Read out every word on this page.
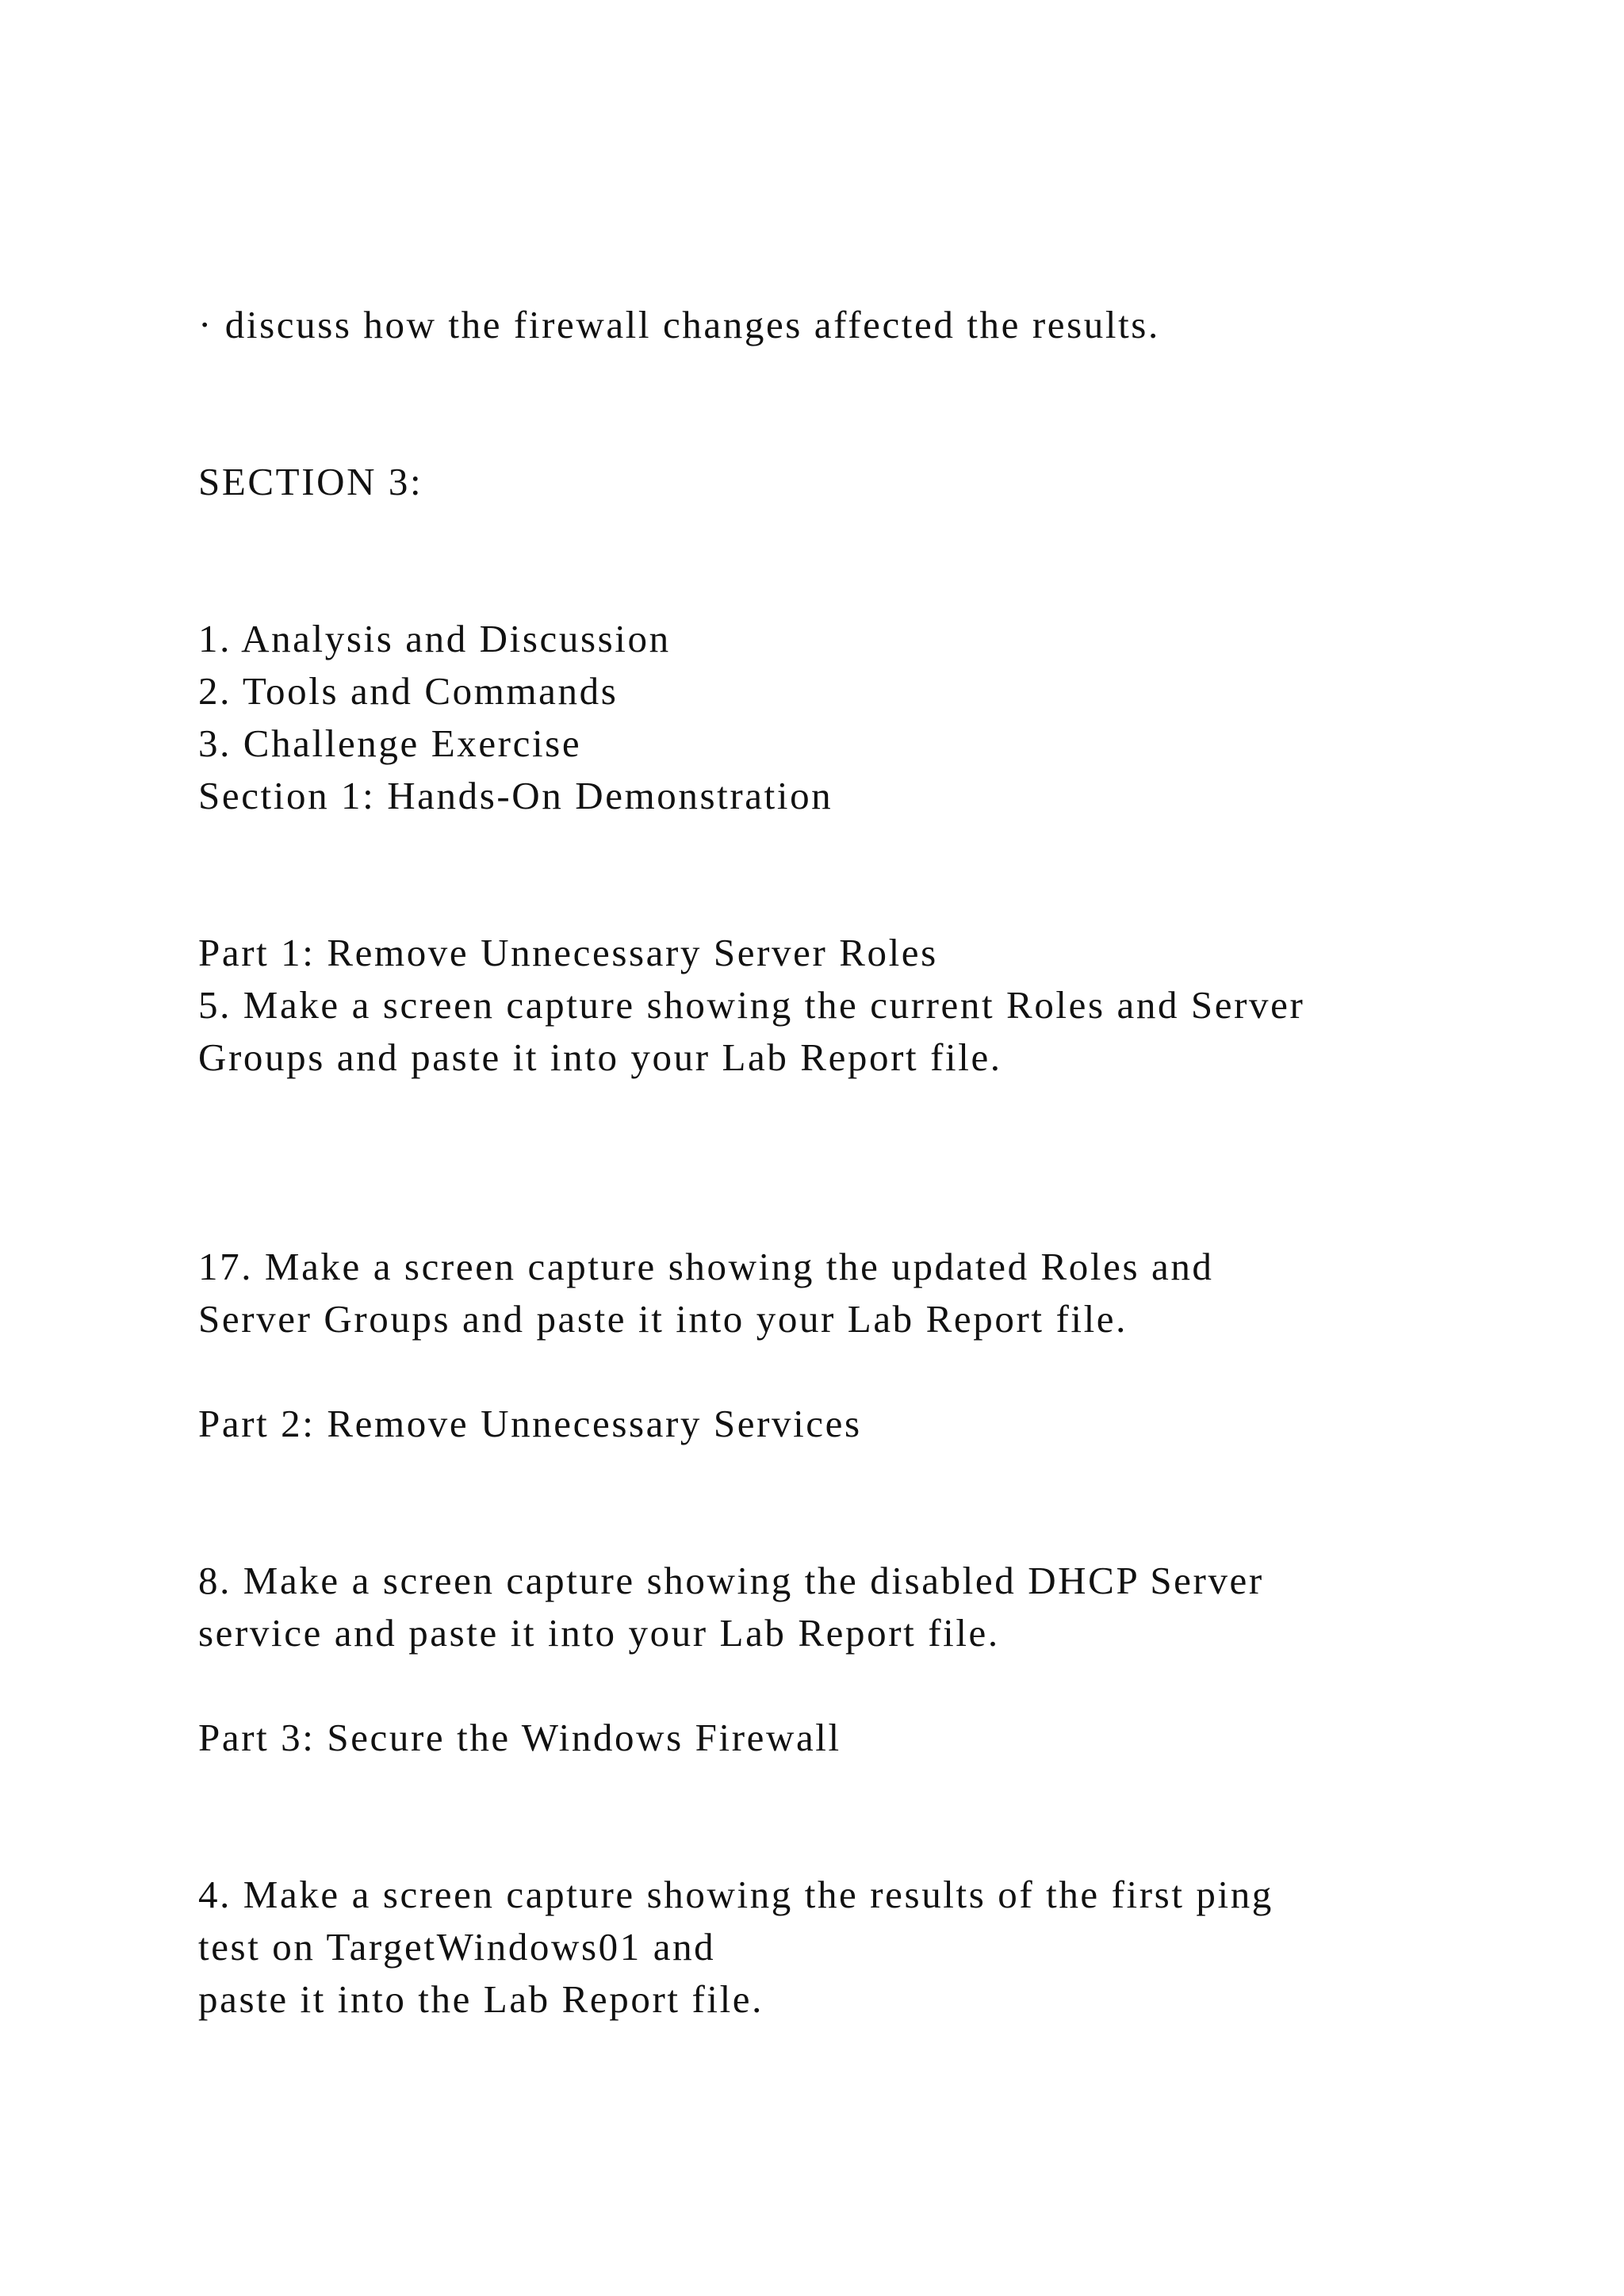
· discuss how the firewall changes affected the results.

SECTION 3:

1. Analysis and Discussion

2. Tools and Commands

3. Challenge Exercise

Section 1: Hands-On Demonstration

Part 1: Remove Unnecessary Server Roles

5. Make a screen capture showing the current Roles and Server

Groups and paste it into your Lab Report file.

17. Make a screen capture showing the updated Roles and

Server Groups and paste it into your Lab Report file.

Part 2: Remove Unnecessary Services

8. Make a screen capture showing the disabled DHCP Server

service and paste it into your Lab Report file.

Part 3: Secure the Windows Firewall

4. Make a screen capture showing the results of the first ping

test on TargetWindows01 and

paste it into the Lab Report file.
